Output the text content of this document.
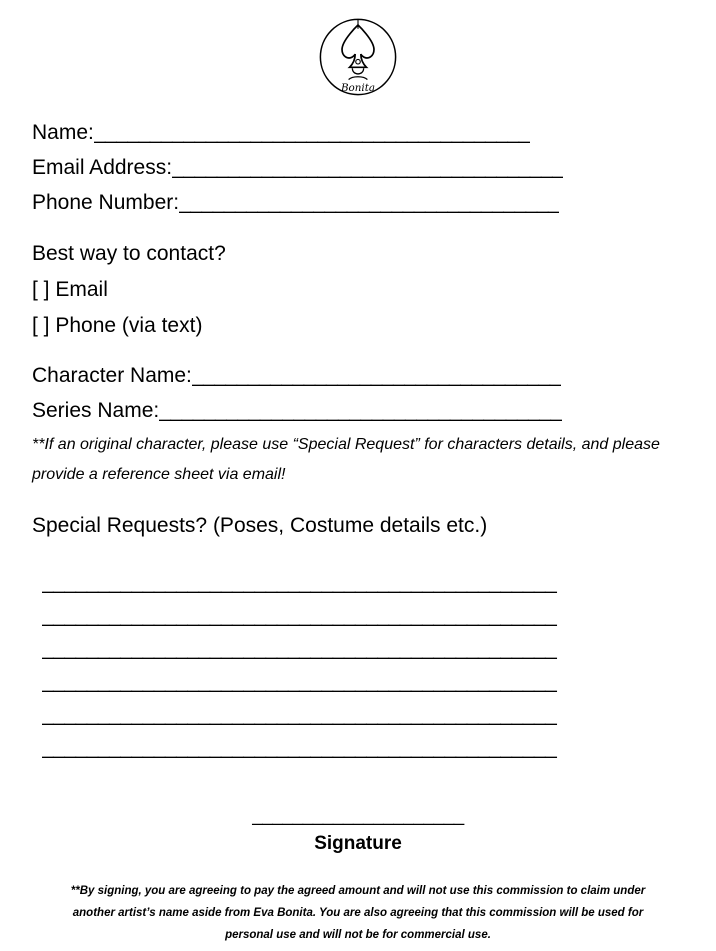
Bonita
Name: _______________________________________
Email Address: ___________________________________
Phone Number: __________________________________
Best way to contact?
[ ] Email
[ ] Phone (via text)
Character Name: _________________________________
Series Name: ____________________________________
**If an original character, please use “Special Request” for characters details, and please provide a reference sheet via email!
Special Requests? (Poses, Costume details etc.)
______________________________________________
______________________________________________
______________________________________________
______________________________________________
______________________________________________
______________________________________________
_____________________
Signature
**By signing, you are agreeing to pay the agreed amount and will not use this commission to claim under another artist’s name aside from Eva Bonita. You are also agreeing that this commission will be used for personal use and will not be for commercial use.
